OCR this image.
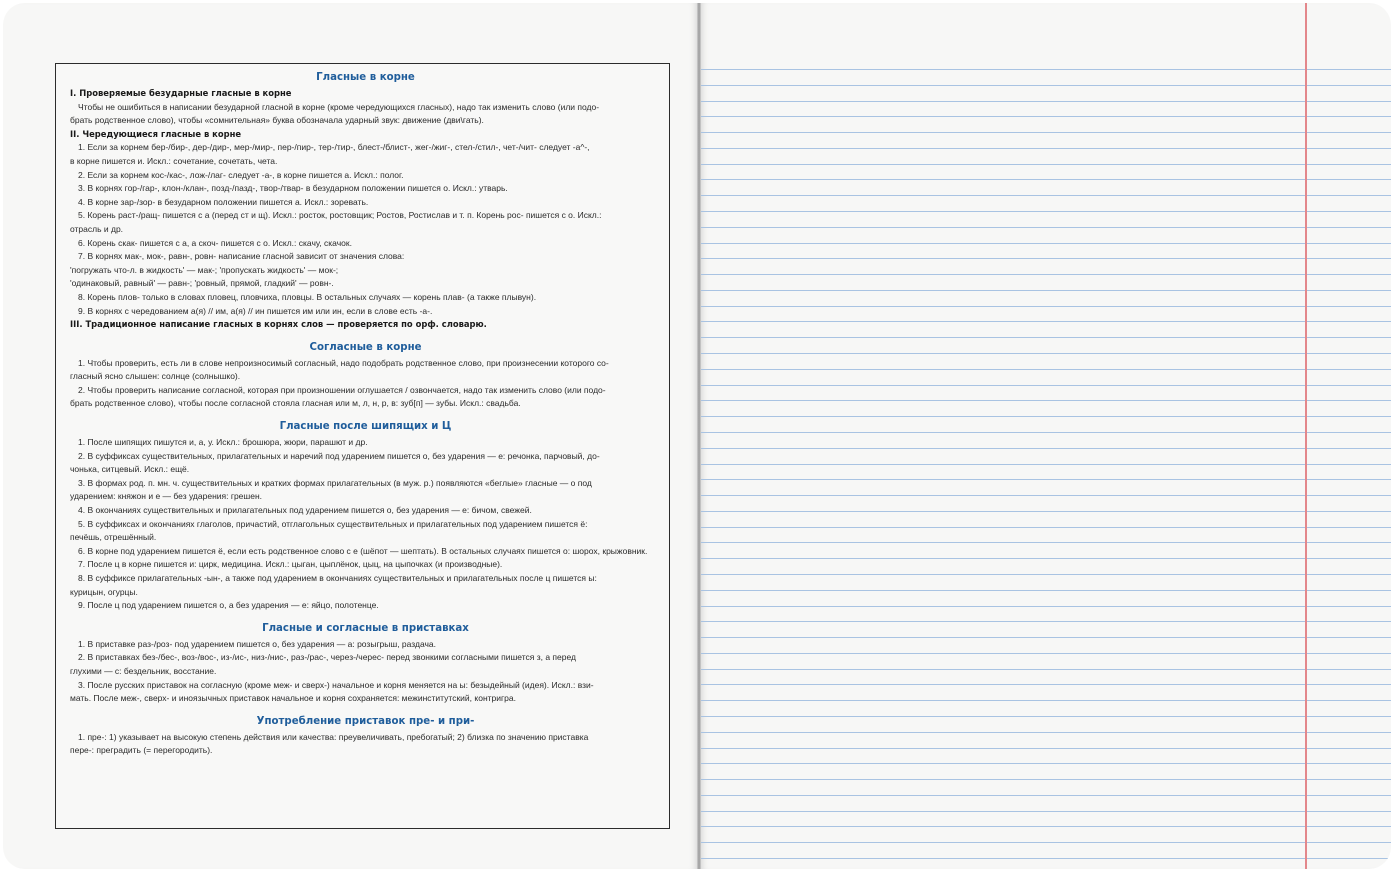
Гласные в корне
I. Проверяемые безударные гласные в корне
Чтобы не ошибиться в написании безударной гласной в корне (кроме чередующихся гласных), надо так изменить слово (или подо-
брать родственное слово), чтобы «сомнительная» буква обозначала ударный звук: движение (дви\гать).
II. Чередующиеся гласные в корне
1. Если за корнем бер-/бир-, дер-/дир-, мер-/мир-, пер-/пир-, тер-/тир-, блест-/блист-, жег-/жиг-, стел-/стил-, чет-/чит- следует -а^-,
в корне пишется и. Искл.: сочетание, сочетать, чета.
2. Если за корнем кос-/кас-, лож-/лаг- следует -а-, в корне пишется а. Искл.: полог.
3. В корнях гор-/гар-, клон-/клан-, позд-/пазд-, твор-/твар- в безударном положении пишется о. Искл.: утварь.
4. В корне зар-/зор- в безударном положении пишется а. Искл.: зоревать.
5. Корень раст-/ращ- пишется с а (перед ст и щ). Искл.: росток, ростовщик; Ростов, Ростислав и т. п. Корень рос- пишется с о. Искл.:
отрасль и др.
6. Корень скак- пишется с а, а скоч- пишется с о. Искл.: скачу, скачок.
7. В корнях мак-, мок-, равн-, ровн- написание гласной зависит от значения слова:
'погружать что-л. в жидкость' — мак-; 'пропускать жидкость' — мок-;
'одинаковый, равный' — равн-; 'ровный, прямой, гладкий' — ровн-.
8. Корень плов- только в словах пловец, пловчиха, пловцы. В остальных случаях — корень плав- (а также плывун).
9. В корнях с чередованием а(я) // им, а(я) // ин пишется им или ин, если в слове есть -а-.
III. Традиционное написание гласных в корнях слов — проверяется по орф. словарю.
Согласные в корне
1. Чтобы проверить, есть ли в слове непроизносимый согласный, надо подобрать родственное слово, при произнесении которого со-
гласный ясно слышен: солнце (солнышко).
2. Чтобы проверить написание согласной, которая при произношении оглушается / озвончается, надо так изменить слово (или подо-
брать родственное слово), чтобы после согласной стояла гласная или м, л, н, р, в: зуб[п] — зубы. Искл.: свадьба.
Гласные после шипящих и Ц
1. После шипящих пишутся и, а, у. Искл.: брошюра, жюри, парашют и др.
2. В суффиксах существительных, прилагательных и наречий под ударением пишется о, без ударения — е: речонка, парчовый, до-
чонька, ситцевый. Искл.: ещё.
3. В формах род. п. мн. ч. существительных и кратких формах прилагательных (в муж. р.) появляются «беглые» гласные — о под
ударением: княжон и е — без ударения: грешен.
4. В окончаниях существительных и прилагательных под ударением пишется о, без ударения — е: бичом, свежей.
5. В суффиксах и окончаниях глаголов, причастий, отглагольных существительных и прилагательных под ударением пишется ё:
печёшь, отрешённый.
6. В корне под ударением пишется ё, если есть родственное слово с е (шёпот — шептать). В остальных случаях пишется о: шорох, крыжовник.
7. После ц в корне пишется и: цирк, медицина. Искл.: цыган, цыплёнок, цыц, на цыпочках (и производные).
8. В суффиксе прилагательных -ын-, а также под ударением в окончаниях существительных и прилагательных после ц пишется ы:
курицын, огурцы.
9. После ц под ударением пишется о, а без ударения — е: яйцо, полотенце.
Гласные и согласные в приставках
1. В приставке раз-/роз- под ударением пишется о, без ударения — а: розыгрыш, раздача.
2. В приставках без-/бес-, воз-/вос-, из-/ис-, низ-/нис-, раз-/рас-, через-/черес- перед звонкими согласными пишется з, а перед
глухими — с: бездельник, восстание.
3. После русских приставок на согласную (кроме меж- и сверх-) начальное и корня меняется на ы: безыдейный (идея). Искл.: взи-
мать. После меж-, сверх- и иноязычных приставок начальное и корня сохраняется: межинститутский, контригра.
Употребление приставок пре- и при-
1. пре-: 1) указывает на высокую степень действия или качества: преувеличивать, пребогатый; 2) близка по значению приставка
пере-: преградить (= перегородить).
